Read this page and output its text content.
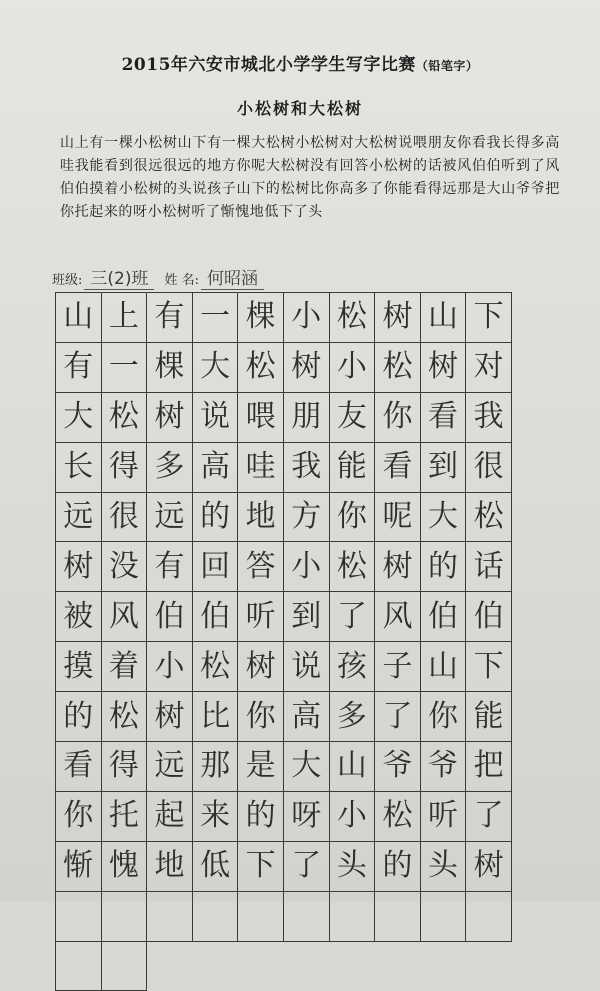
2015年六安市城北小学学生写字比赛（铅笔字）
小松树和大松树
山上有一棵小松树山下有一棵大松树小松树对大松树说喂朋友你看我长得多高哇我能看到很远很远的地方你呢大松树没有回答小松树的话被风伯伯听到了风伯伯摸着小松树的头说孩子山下的松树比你高多了你能看得远那是大山爷爷把你托起来的呀小松树听了惭愧地低下了头
班级: 三(2)班	姓 名: 何昭涵
山 上 有 一 棵 小 松 树 山 下
有 一 棵 大 松 树 小 松 树 对
大 松 树 说 喂 朋 友 你 看 我
长 得 多 高 哇 我 能 看 到 很
远 很 远 的 地 方 你 呢 大 松
树 没 有 回 答 小 松 树 的 话
被 风 伯 伯 听 到 了 风 伯 伯
摸 着 小 松 树 说 孩 子 山 下
的 松 树 比 你 高 多 了 你 能
看 得 远 那 是 大 山 爷 爷 把
你 托 起 来 的 呀 小 松 听 了
惭 愧 地 低 下 了 头 的 头 树
